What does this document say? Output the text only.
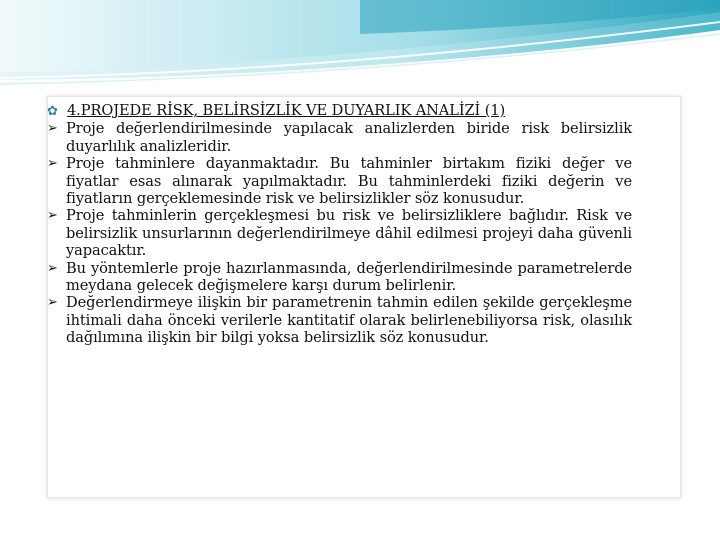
✿ 4.PROJEDE RİSK, BELİRSİZLİK VE DUYARLIK ANALİZİ (1)
➢ Proje değerlendirilmesinde yapılacak analizlerden biride risk belirsizlik duyarlılık analizleridir.
➢ Proje tahminlere dayanmaktadır. Bu tahminler birtakım fiziki değer ve fiyatlar esas alınarak yapılmaktadır. Bu tahminlerdeki fiziki değerin ve fiyatların gerçeklemesinde risk ve belirsizlikler söz konusudur.
➢ Proje tahminlerin gerçekleşmesi bu risk ve belirsizliklere bağlıdır. Risk ve belirsizlik unsurlarının değerlendirilmeye dâhil edilmesi projeyi daha güvenli yapacaktır.
➢ Bu yöntemlerle proje hazırlanmasında, değerlendirilmesinde parametrelerde meydana gelecek değişmelere karşı durum belirlenir.
➢ Değerlendirmeye ilişkin bir parametrenin tahmin edilen şekilde gerçekleşme ihtimali daha önceki verilerle kantitatif olarak belirlenebiliyorsa risk, olasılık dağılımına ilişkin bir bilgi yoksa belirsizlik söz konusudur.
